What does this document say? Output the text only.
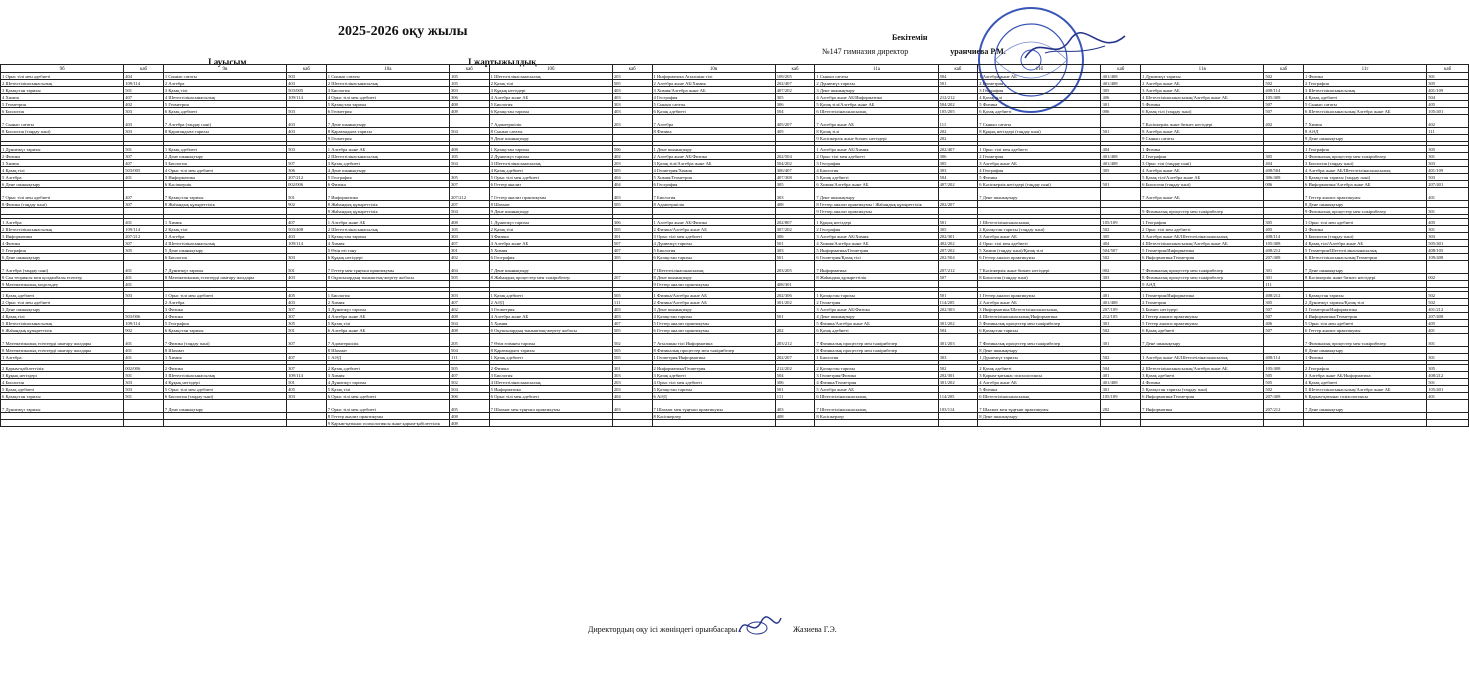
2025-2026 оқу жылы
I ауысым	I жартыжылдық
Бекітемін
№147 гимназия директор	уранчиева Р.М.
9б	каб	9в	каб	10а	каб	10б	каб	10в	каб	11а	каб	11б	каб	11в	каб	11г	каб
1 Орыс тілі мен әдебиеті	404	1 Сынып сағаты	503	1 Сынып сағаты	105	1 Шетелтілінасынасылық	203	1 Информатика Агылшын тілі	109/205	1 Сынып сағаты	504	1 Алгебра және АБ	401/408	1 Дүниежүз тарихы	502	1 Физика	301
2 Шетелтілінасынасылық	109/114	2 Алгебра	403	2 Шетелтілінасынасылық	105	2 Қазақ тілі	505	2 Алгебра және АБ/Химия	202/407	2 Дүниежүз тарихы	501	2 Геометрия	401/408	2 Алгебра және АБ	502	2 География	305
3 Қазақстан тарихы	501	3 Қазақ тілі	503/005	3 Биология	303	3 Құқық негіздері	403	3 Химия/Алгебра және АБ	407/202	3 Дене шынықтыру		3 География	305	3 Алгебра және АБ	408/114	3 Шетелтілінасынасылық	401/109
4 Химия	407	4 Шетелтілінасынасылық	109/114	4 Орыс тілі мен әдебиеті	306	4 Алгебра және АБ	403	4 География	305	4 Алгебра және АБ/Информатика	212/212	4 Қазақ тілі	406	4 Шетелтілінасынасылық/Алгебра және АБ	105/408	4 Қазақ әдебиеті	504
5 Геометрия	402	5 Геометрия		5 Қазақстан тарихы	408	5 Биология	303	5 Сынып сағаты	306	5 Қазақ тілі/Алгебра және АБ	504/202	5 Физика	301	5 Физика	507	5 Сынып сағаты	405
6 Биология	303	6 Қазақ әдебиеті	503	6 Геометрия	408	6 Қазақстан тарихы	403	6 Қазақ әдебиеті	504	6 Шетелтілінасынасылық	105/205	6 Қазақ әдебиеті	006	6 Қазақ тілі (таңдау пәні)	507	6 Шетелтілінасынасылық/Алгебра және АБ	105/401
7 Сынып сағаты	403	7 Алгебра (таңдау пәні)	403	7 Дене шынықтыру		7 Адамгершілік	203	7 Алгебра	405/207	7 Алгебра және АБ	111	7 Сынып сағаты		7 Кәсіпкерлік және бизнес негіздері	402	7 Химия	402
8 Биология (таңдау пәні)	303	8 Қарағандыға тарихы	403	8 Қарағандыға тарихы	504	8 Сынып сағаты		8 Физика	405	8 Қазақ тілі	202	8 Құқық негіздері (таңдау пәні)	501	8 Алгебра және АБ		8 АӘД	111
				9 Геометрия		9 Дене шынықтыру				9 Кәсіпкерлік және бизнес негіздері	202			9 Сынып сағаты		9 Дене шынықтыру	

1 Дүниежүз тарихы	501	1 Қазақ әдебиеті	503	1 Алгебра және АБ	408	1 Қазақстан тарихы	506	1 Дене шынықтыру		1 Алгебра және АБ/Химия	202/407	1 Орыс тілі мен әдебиеті	404	1 Физика		1 География	305
2 Физика	307	2 Дене шынықтыру		2 Шетелтілінасынасылық	105	2 Дүниежүз тарихы	402	2 Алгебра және АБ/Физика	202/504	2 Орыс тілі мен әдебиеті	306	2 Геометрия	401/408	2 География	305	2 Физикалық процестер мен тәжірибелер	301
3 Химия	407	3 Биология	507	3 Қазақ әдебиеті	504	3 Шетелтілінасынасылық	203	3 Қазақ тілі/Алгебра және АБ	504/202	3 География	305	3 Алгебра және АБ	401/408	3 Орыс тілі (таңдау пәні)	404	3 Биология (таңдау пәні)	303
4 Қазақ тілі	503/005	4 Орыс тілі мен әдебиеті	306	4 Дене шынықтыру		4 Қазақ әдебиеті	505	4 Геометрия/Химия	306/407	4 Биология	303	4 География	305	4 Алгебра және АБ	408/504	4 Алгебра және АБ/Шетелтілінасынасылық	401/109
5 Алгебра	401	5 Информатика	207/212	5 География	305	5 Орыс тілі мен әдебиеті	404	5 Химия/Геометрия	407/308	5 Қазақ әдебиеті	504	5 Физика		5 Қазақ тілі/Алгебра және АБ	306/408	5 Қазақстан тарихы (таңдау пәні)	503
6 Дене шынықтыру		6 Кәсіпкерлік	002/006	6 Физика	307	6 Геттер анализ	404	6 География	305	6 Химия/Алгебра және АБ	407/202	6 Кәсіпкерлік негіздері (таңдау пәні)	501	6 Биология (таңдау пәні)	006	6 Информатика/Алгебра және АБ	207/401
7 Орыс тілі мен әдебиеті	407	7 Қазақстан тарихы	501	7 Информатика	207/212	7 Геттер анализ практикумы	403	7 Биология	303	7 Дене шынықтыру		7 Дене шынықтыру		7 Алгебра және АБ		7 Геттер анализ практикумы	401
8 Физика (таңдау пәні)	307	8 Жаһандық құзыреттілік	902	8 Жаһандық құзыреттілік	207	8 Шахмат	505	8 Адамгершілік	408	8 Геттер анализ практикумы / Жаһандық құзыреттілік	202/207					8 Дене шынықтыру	
				9 Жаһандық құзыреттілік	504	9 Дене шынықтыру				9 Геттер анализ практикумы				9 Физикалық процестер мен тәжірибелер		9 Физикалық процестер мен тәжірибелер	301

1 Алгебра	401	1 Химия	407	1 Алгебра және АБ	408	1 Дүниежүз тарихы	306	1 Алгебра және АБ/Физика	202/807	1 Құқық негіздері	501	1 Шетелтілінасынасылық	105/109	1 География	305	1 Орыс тілі мен әдебиеті	405
2 Шетелтілінасынасылық	109/114	2 Қазақ тілі	503/408	2 Шетелтілінасынасылық	105	2 Қазақ тілі	505	2 Физика/Алгебра және АБ	307/202	2 География	305	2 Қазақстан тарихы (таңдау пәні)	502	2 Орыс тілі мен әдебиеті	405	2 Физика	301
3 Информатика	207/212	3 Алгебра	403	3 Қазақстан тарихы	303	3 Физика	301	3 Орыс тілі мен әдебиеті	306	3 Алгебра және АБ/Химия	202/301	3 Алгебра және АБ	305	3 Алгебра және АБ/Шетелтілінасынасылық	408/114	3 Биология (таңдау пәні)	303
4 Физика	307	4 Шетелтілінасынасылық	109/114	4 Химия	407	4 Алгебра және АБ	507	4 Дүниежүз тарихы	501	4 Химия/Алгебра және АБ	402/202	4 Орыс тілі мен әдебиеті	404	4 Шетелтілінасынасылық/Алгебра және АБ	105/408	4 Қазақ тілі/Алгебра және АБ	505/401
5 География	305	5 Дене шынықтыру		5 Өзін өзі тану	301	5 Химия	407	5 Биология	303	5 Информатика/Геометрия	207/202	5 Химия (таңдау пәні)/Қазақ тілі	504/507	5 Геометрия/Информатика	408/212	5 Геометрия/Шетелтілінасынасылық	408/105
6 Дене шынықтыру		6 Биология	303	6 Құқық негіздері	402	6 География	305	6 Қазақстан тарихы	501	6 Геометрия/Қазақ тілі	202/504	6 Геттер анализ практикумы	502	6 Информатика/Геометрия	207/408	6 Шетелтілінасынасылық/Геометрия	109/408
7 Алгебра (таңдау пәні)	401	7 Дүниежүз тарихы	501	7 Геттер мен тұңғыш практикумы	404	7 Дене шынықтыру		7 Шетелтілінасынасылық	203/205	7 Информатика	207/212	7 Кәсіпкерлік және бизнес негіздері	002	7 Физикалық процестер мен тәжірибелер	301	7 Дене шынықтыру	
8 Сан теориясы мен қолданбалы есептер	401	8 Математикалық есептерді шығару жолдары	403	8 Оқушылардың тыныштық-жертеу жобасы	505	8 Жаһандық процестер мен тәжірибелер	207	8 Дене шынықтыру		8 Жаһандық құзыреттілік	507	8 Биология (таңдау пәні)	303	8 Физикалық процестер мен тәжірибелер	301	8 Кәсіпкерлік және бизнес негіздері	002
9 Математикалық модельдеу	401							9 Геттер анализ практикумы	408/301					9 АӘД	111		

1 Қазақ әдебиеті	503	1 Орыс тілі мен әдебиеті	405	1 Биология	303	1 Қазақ әдебиеті	505	1 Физика/Алгебра және АБ	202/306	1 Қазақстан тарихы	501	1 Геттер анализ практикумы	401	1 Геометрия/Информатика	408/212	1 Қазақстан тарихы	502
2 Орыс тілі мен әдебиеті		2 Алгебра	403	2 Химия	407	2 АӘД	111	2 Физика/Алгебра және АБ	301/202	2 Геометрия	114/205	2 Алгебра және АБ	401/408	2 Геометрия	305	2 Дүниежүз тарихы/Қазақ тілі	502
3 Дене шынықтыру		3 Физика	307	3 Дүниежүз тарихы	402	3 Геометрия	403	3 Дене шынықтыру		3 Алгебра және АБ/Физика	202/303	3 Информатика/Шетелтілінасынасылық	207/109	3 Бизнес негіздері	507	3 Геометрия/Информатика	401/212
4 Қазақ тілі	503/006	4 Физика	307	4 Алгебра және АБ	408	4 Алгебра және АБ	403	4 Қазақстан тарихы	501	4 Дене шынықтыру		4 Шетелтілінасынасылық/Информатика	212/105	4 Геттер анализ практикумы	507	4 Информатика/Геометрия	207/408
5 Шетелтілінасынасылық	109/114	5 География	305	5 Қазақ тілі	504	5 Химия	407	5 Геттер анализ практикумы		5 Физика/Алгебра және АБ	301/202	5 Физикалық процестер мен тәжірибелер	301	5 Геттер анализ практикумы	406	5 Орыс тілі мен әдебиеті	405
6 Жаһандық құзыреттілік	902	6 Қазақстан тарихы	501	6 Алгебра және АБ	408	6 Оқушылардың тыныштық-жертеу жобасы	505	6 Геттер анализ практикумы	202	6 Қазақ әдебиеті	504	6 Қазақстан тарихы	502	6 Қазақ әдебиеті	507	6 Геттер анализ практикумы	401
7 Математикалық есептерді шығару жолдары	401	7 Физика (таңдау пәні)	307	7 Адамгершілік	205	7 Өзім өзімнен тарихы	502	7 Агылшын тілі Информатика	203/212	7 Физикалық процестер мен тәжірибелер	301/203	7 Физикалық процестер мен тәжірибелер	301	7 Дене шынықтыру		7 Физикалық процестер мен тәжірибелер	301
8 Математикалық есептерді шығару жолдары	401	8 Шахмат		8 Шахмат	504	8 Қарағандыға тарихы	505	8 Физикалық процестер мен тәжірибелер		8 Физикалық процестер мен тәжірибелер		8 Дене шынықтыру				8 Дене шынықтыру	
1 Алгебра	401	1 Химия	407	1 АӘД	111	1 Қазақ әдебиеті	505	1 Геометрия/Информатика	202/207	1 Биология	303	1 Дүниежүз тарихы	502	1 Алгебра және АБ/Шетелтілінасынасылық	408/114	1 Физика	301

2 Қарым-қабілеттілік	002/006	2 Физика	307	2 Қазақ әдебиеті	505	2 Физика	301	2 Информатика/Геометрия	212/202	2 Қазақстан тарихы	502	2 Қазақ әдебиеті	504	2 Шетелтілінасынасылық/Алгебра және АБ	105/408	2 География	305
3 Құқық негіздері	501	3 Шетелтілінасынасылық	109/114	3 Химия	407	3 Биология	303	3 Қазақ әдебиеті	504	3 Геометрия/Физика	202/301	3 Қарым-қатынас психологиясы	401	3 Қазақ әдебиеті	505	3 Алгебра және АБ/Информатика	408/212
4 Биология	303	4 Құқық негіздері	501	4 Дүниежүз тарихы	502	4 Шетелтілінасынасылық	203	4 Орыс тілі мен әдебиеті	306	4 Физика/Геометрия	301/202	4 Алгебра және АБ	401/408	4 Физика	505	4 Қазақ әдебиеті	501
5 Қазақ әдебиеті	503	5 Орыс тілі мен әдебиеті	405	5 Қазақ тілі	504	5 Информатика	203	5 Қазақстан тарихы	501	5 Алгебра және АБ		5 Физика	301	5 Қазақстан тарихы (таңдау пәні)	502	5 Шетелтілінасынасылық/Алгебра және АБ	105/401
6 Қазақстан тарихы	501	6 Биология (таңдау пәні)	303	6 Орыс тілі мен әдебиеті	306	6 Орыс тілі мен әдебиеті	404	6 АӘД	111	6 Шетелтілінасынасылық	114/205	6 Шетелтілінасынасылық	105/109	6 Информатика/Геометрия	207/408	6 Қарым-қатынас психологиясы	401
7 Дүниежүз тарихы		7 Дене шынықтыру		7 Орыс тілі мен әдебиеті	405	7 Шахмат мен тұңғыш практикумы	403	7 Шахмат мен тұңғыш практикумы	403	7 Шетелтілінасынасылық	103/114	7 Шахмат мен тұңғыш практикумы	282	7 Информатика	207/212	7 Дене шынықтыру	
				8 Геттер анализ практикумы	408			8 Кәсіпкерлер	408	8 Кәсіпкерлер		8 Дене шынықтыру					
				9 Қарым-қатынас психологиясы және қарым-қабілеттілік	408												
Директордың оқу ісі жөніндегі орынбасары :	Жазиева Г.Э.
